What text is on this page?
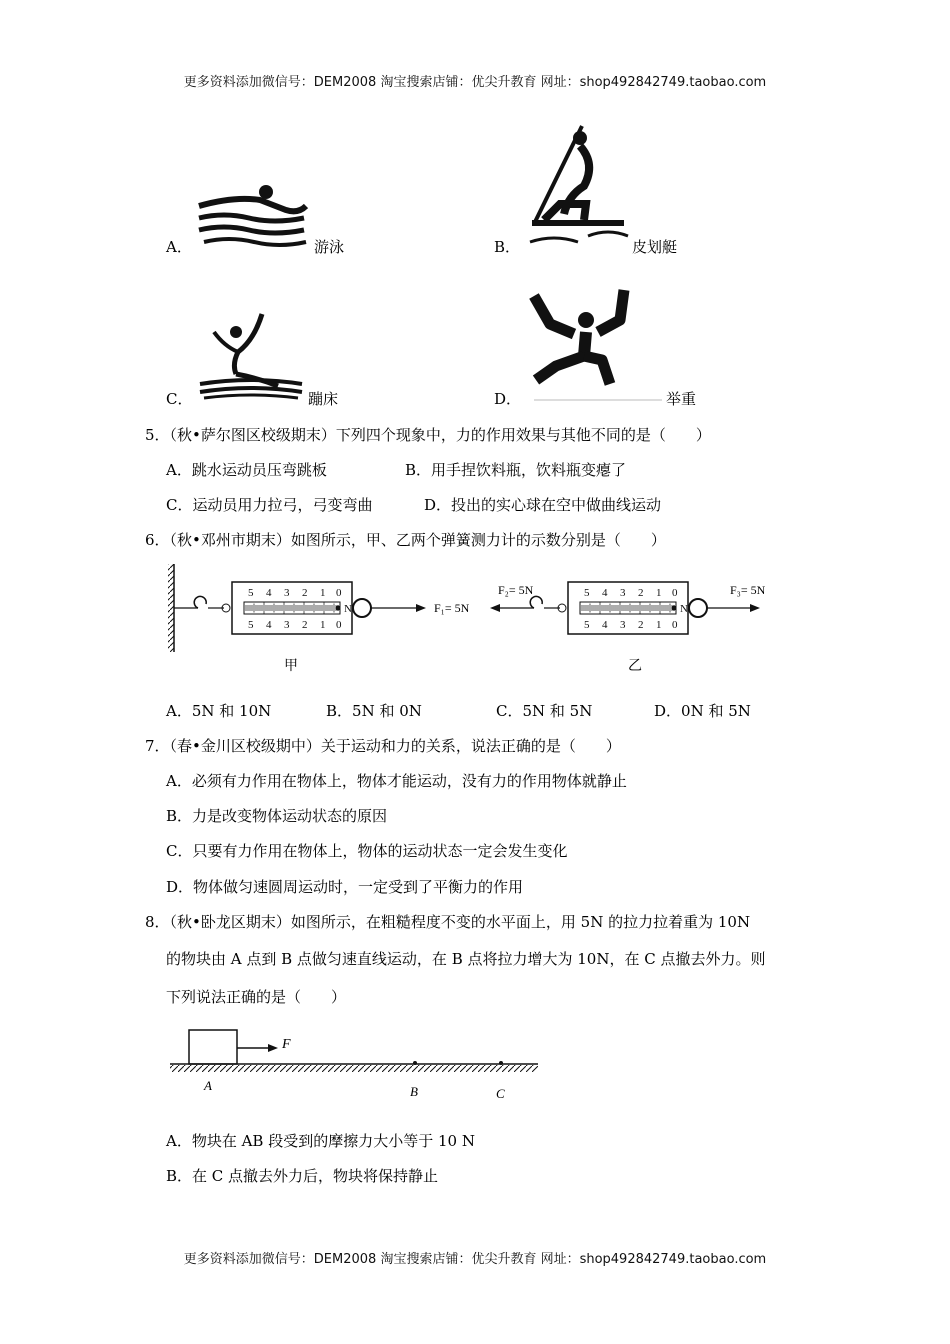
更多资料添加微信号：DEM2008 淘宝搜索店铺：优尖升教育 网址：shop492842749.taobao.com
A．	游泳	B．	皮划艇
C．	蹦床	D．	举重
5．（秋•萨尔图区校级期末）下列四个现象中，力的作用效果与其他不同的是（　　）
A．跳水运动员压弯跳板	B．用手捏饮料瓶，饮料瓶变瘪了
C．运动员用力拉弓，弓变弯曲	D．投出的实心球在空中做曲线运动
6．（秋•邓州市期末）如图所示，甲、乙两个弹簧测力计的示数分别是（　　）
5 4 3 2 1 0
5 4 3 2 1 0
N	F₁= 5N
甲
F₂= 5N	5 4 3 2 1 0
5 4 3 2 1 0
N
F₃= 5N
乙
A．5N 和 10N	B．5N 和 0N	C．5N 和 5N	D．0N 和 5N
7．（春•金川区校级期中）关于运动和力的关系，说法正确的是（　　）
A．必须有力作用在物体上，物体才能运动，没有力的作用物体就静止
B．力是改变物体运动状态的原因
C．只要有力作用在物体上，物体的运动状态一定会发生变化
D．物体做匀速圆周运动时，一定受到了平衡力的作用
8．（秋•卧龙区期末）如图所示，在粗糙程度不变的水平面上，用 5N 的拉力拉着重为 10N
的物块由 A 点到 B 点做匀速直线运动，在 B 点将拉力增大为 10N，在 C 点撤去外力。则
下列说法正确的是（　　）
F
A	B	C
A．物块在 AB 段受到的摩擦力大小等于 10 N
B．在 C 点撤去外力后，物块将保持静止
更多资料添加微信号：DEM2008 淘宝搜索店铺：优尖升教育 网址：shop492842749.taobao.com
